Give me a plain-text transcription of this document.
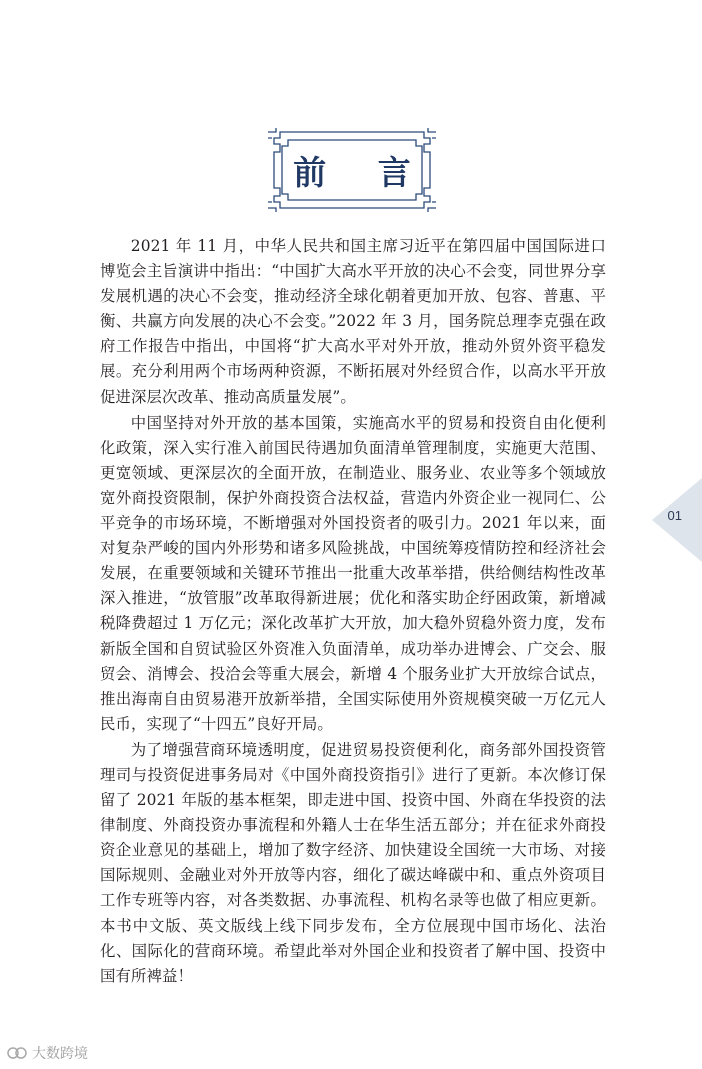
前 言

2021 年 11 月，中华人民共和国主席习近平在第四届中国国际进口博览会主旨演讲中指出：“中国扩大高水平开放的决心不会变，同世界分享发展机遇的决心不会变，推动经济全球化朝着更加开放、包容、普惠、平衡、共赢方向发展的决心不会变。”2022 年 3 月，国务院总理李克强在政府工作报告中指出，中国将“扩大高水平对外开放，推动外贸外资平稳发展。充分利用两个市场两种资源，不断拓展对外经贸合作，以高水平开放促进深层次改革、推动高质量发展”。

中国坚持对外开放的基本国策，实施高水平的贸易和投资自由化便利化政策，深入实行准入前国民待遇加负面清单管理制度，实施更大范围、更宽领域、更深层次的全面开放，在制造业、服务业、农业等多个领域放宽外商投资限制，保护外商投资合法权益，营造内外资企业一视同仁、公平竞争的市场环境，不断增强对外国投资者的吸引力。2021 年以来，面对复杂严峻的国内外形势和诸多风险挑战，中国统筹疫情防控和经济社会发展，在重要领域和关键环节推出一批重大改革举措，供给侧结构性改革深入推进，“放管服”改革取得新进展；优化和落实助企纾困政策，新增减税降费超过 1 万亿元；深化改革扩大开放，加大稳外贸稳外资力度，发布新版全国和自贸试验区外资准入负面清单，成功举办进博会、广交会、服贸会、消博会、投洽会等重大展会，新增 4 个服务业扩大开放综合试点，推出海南自由贸易港开放新举措，全国实际使用外资规模突破一万亿元人民币，实现了“十四五”良好开局。

为了增强营商环境透明度，促进贸易投资便利化，商务部外国投资管理司与投资促进事务局对《中国外商投资指引》进行了更新。本次修订保留了 2021 年版的基本框架，即走进中国、投资中国、外商在华投资的法律制度、外商投资办事流程和外籍人士在华生活五部分；并在征求外商投资企业意见的基础上，增加了数字经济、加快建设全国统一大市场、对接国际规则、金融业对外开放等内容，细化了碳达峰碳中和、重点外资项目工作专班等内容，对各类数据、办事流程、机构名录等也做了相应更新。本书中文版、英文版线上线下同步发布，全方位展现中国市场化、法治化、国际化的营商环境。希望此举对外国企业和投资者了解中国、投资中国有所裨益！

01
大数跨境
